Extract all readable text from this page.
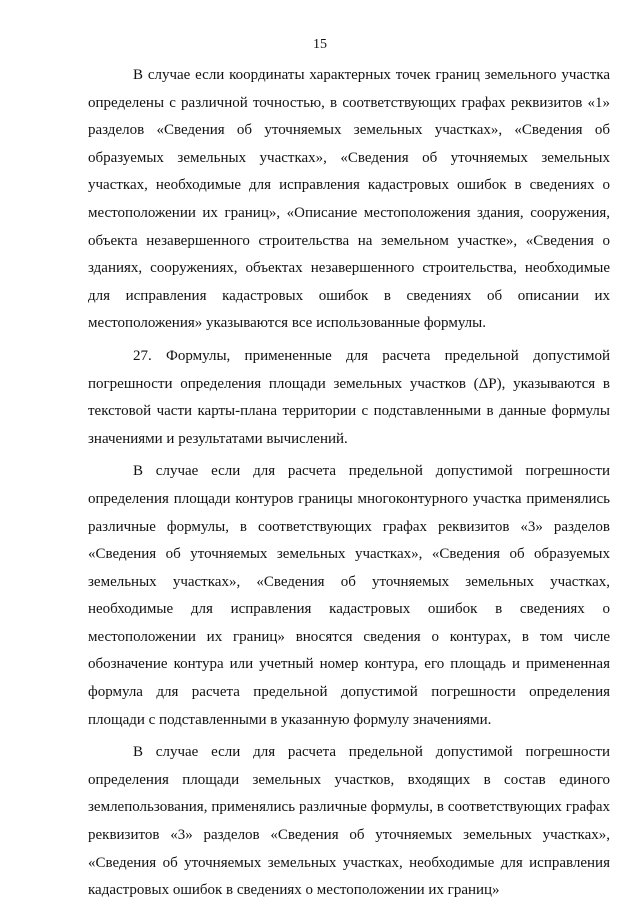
15

В случае если координаты характерных точек границ земельного участка определены с различной точностью, в соответствующих графах реквизитов «1» разделов «Сведения об уточняемых земельных участках», «Сведения об образуемых земельных участках», «Сведения об уточняемых земельных участках, необходимые для исправления кадастровых ошибок в сведениях о местоположении их границ», «Описание местоположения здания, сооружения, объекта незавершенного строительства на земельном участке», «Сведения о зданиях, сооружениях, объектах незавершенного строительства, необходимые для исправления кадастровых ошибок в сведениях об описании их местоположения» указываются все использованные формулы.

27. Формулы, примененные для расчета предельной допустимой погрешности определения площади земельных участков (ΔP), указываются в текстовой части карты-плана территории с подставленными в данные формулы значениями и результатами вычислений.

В случае если для расчета предельной допустимой погрешности определения площади контуров границы многоконтурного участка применялись различные формулы, в соответствующих графах реквизитов «3» разделов «Сведения об уточняемых земельных участках», «Сведения об образуемых земельных участках», «Сведения об уточняемых земельных участках, необходимые для исправления кадастровых ошибок в сведениях о местоположении их границ» вносятся сведения о контурах, в том числе обозначение контура или учетный номер контура, его площадь и примененная формула для расчета предельной допустимой погрешности определения площади с подставленными в указанную формулу значениями.

В случае если для расчета предельной допустимой погрешности определения площади земельных участков, входящих в состав единого землепользования, применялись различные формулы, в соответствующих графах реквизитов «3» разделов «Сведения об уточняемых земельных участках», «Сведения об уточняемых земельных участках, необходимые для исправления кадастровых ошибок в сведениях о местоположении их границ»
